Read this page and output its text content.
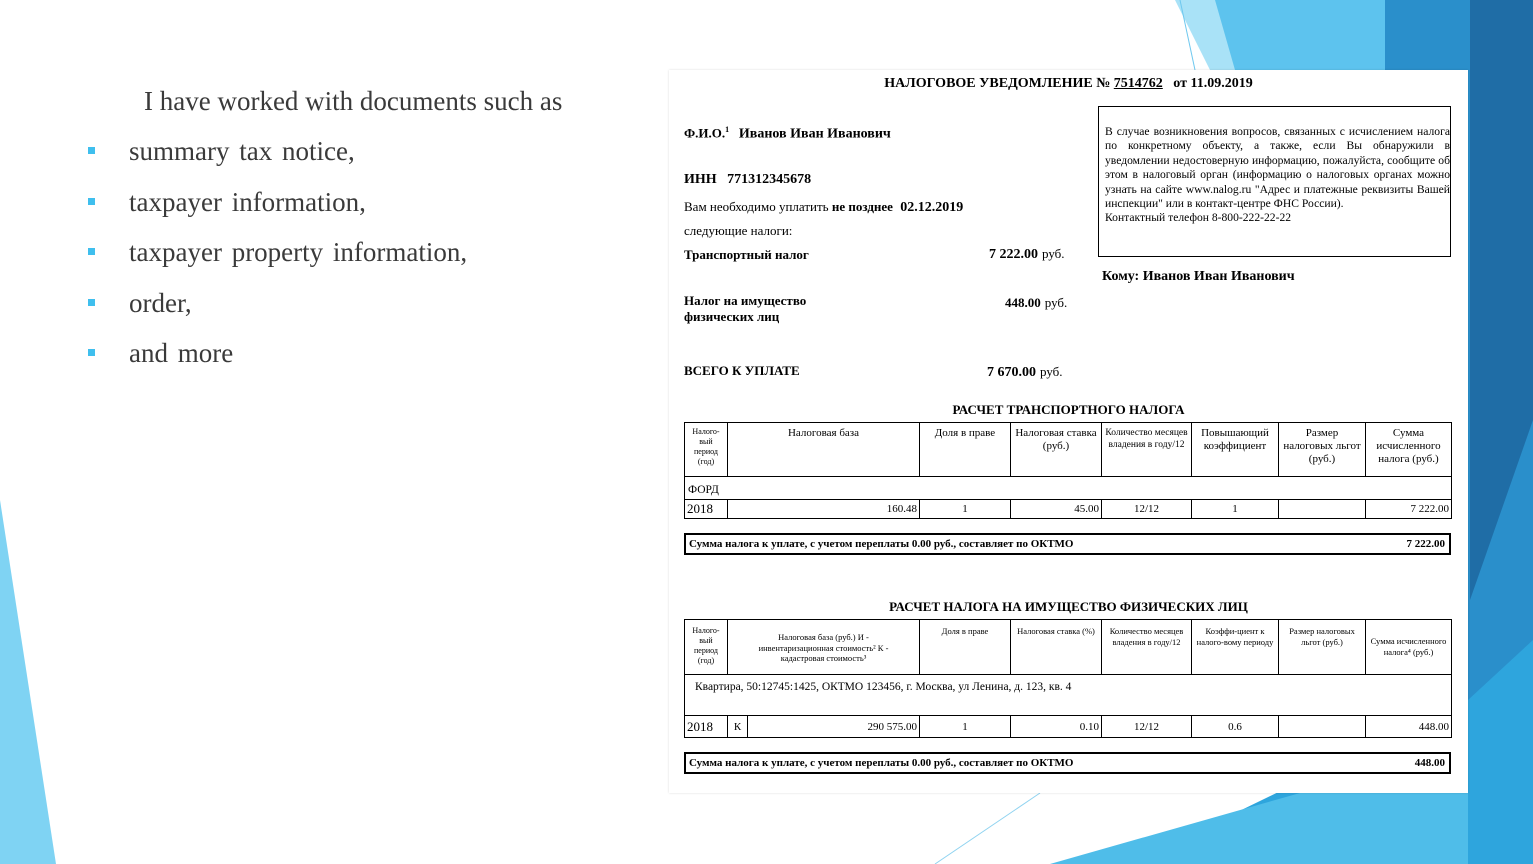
I have worked with documents such as
summary tax notice,
taxpayer information,
taxpayer property information,
order,
and more
НАЛОГОВОЕ УВЕДОМЛЕНИЕ № 7514762 от 11.09.2019
Ф.И.О.$^1$ Иванов Иван Иванович
ИНН 771312345678
Вам необходимо уплатить не позднее 02.12.2019
следующие налоги:
Транспортный налог	7 222.00 руб.
Налог на имущество
физических лиц
448.00 руб.
ВСЕГО К УПЛАТЕ	7 670.00 руб.

В случае возникновения вопросов, связанных с исчислением налога по конкретному объекту, а также, если Вы обнаружили в уведомлении недостоверную информацию, пожалуйста, сообщите об этом в налоговый орган (информацию о налоговых органах можно узнать на сайте www.nalog.ru "Адрес и платежные реквизиты Вашей инспекции" или в контакт-центре ФНС России).

Контактный телефон 8-800-222-22-22

Кому: Иванов Иван Иванович
РАСЧЕТ ТРАНСПОРТНОГО НАЛОГА
Налого-вый период (год)	Налоговая база	Доля в праве	Налоговая ставка (руб.)	Количество месяцев владения в году/12	Повышающий коэффициент	Размер налоговых льгот (руб.)	Сумма исчисленного налога (руб.)
ФОРД							
2018	160.48	1	45.00	12/12	1		7 222.00
Сумма налога к уплате, с учетом переплаты 0.00 руб., составляет по ОКТМО	7 222.00
РАСЧЕТ НАЛОГА НА ИМУЩЕСТВО ФИЗИЧЕСКИХ ЛИЦ
Налого-вый период (год)	Налоговая база (руб.) И - инвентаризационная стоимость² К - кадастровая стоимость³		Доля в праве	Налоговая ставка (%)	Количество месяцев владения в году/12	Коэффи-циент к налого-вому периоду	Размер налоговых льгот (руб.)	Сумма исчисленного налога⁴ (руб.)
Квартира, 50:12745:1425, ОКТМО 123456, г. Москва, ул Ленина, д. 123, кв. 4								
2018	К	290 575.00	1	0.10	12/12	0.6		448.00
Сумма налога к уплате, с учетом переплаты 0.00 руб., составляет по ОКТМО	448.00
